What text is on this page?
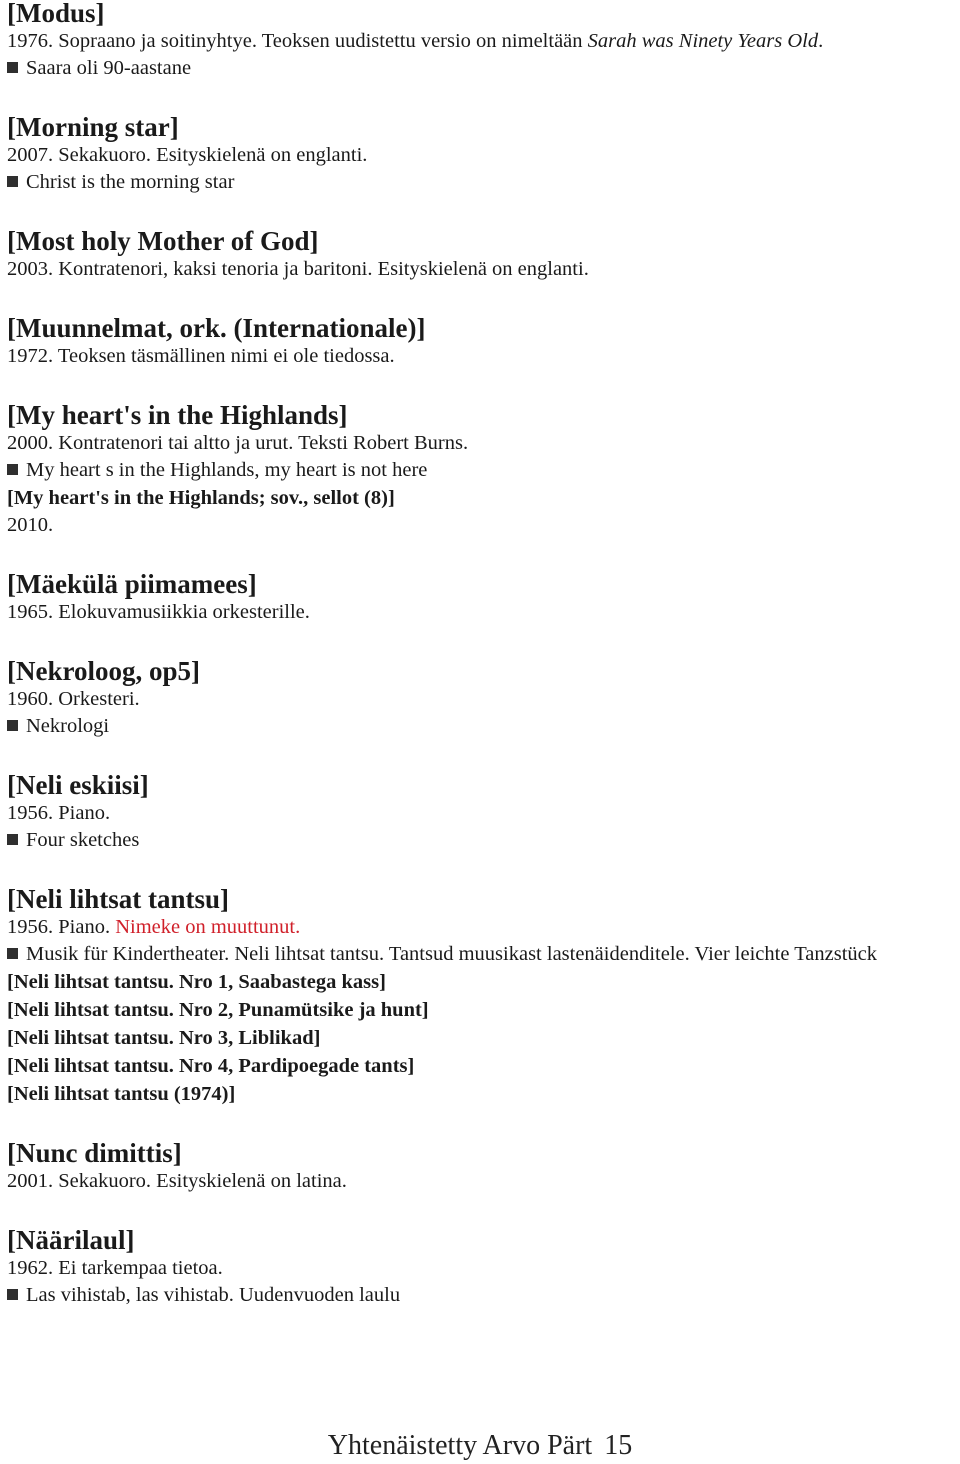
[Modus]

1976. Sopraano ja soitinyhtye. Teoksen uudistettu versio on nimeltään Sarah was Ninety Years Old.

Saara oli 90-aastane

[Morning star]

2007. Sekakuoro. Esityskielenä on englanti.

Christ is the morning star

[Most holy Mother of God]

2003. Kontratenori, kaksi tenoria ja baritoni. Esityskielenä on englanti.

[Muunnelmat, ork. (Internationale)]

1972. Teoksen täsmällinen nimi ei ole tiedossa.

[My heart's in the Highlands]

2000. Kontratenori tai altto ja urut. Teksti Robert Burns.

My heart s in the Highlands, my heart is not here

[My heart's in the Highlands; sov., sellot (8)]

2010.

[Mäekülä piimamees]

1965. Elokuvamusiikkia orkesterille.

[Nekroloog, op5]

1960. Orkesteri.

Nekrologi

[Neli eskiisi]

1956. Piano.

Four sketches

[Neli lihtsat tantsu]

1956. Piano. Nimeke on muuttunut.

Musik für Kindertheater. Neli lihtsat tantsu. Tantsud muusikast lastenäidenditele. Vier leichte Tanzstück

[Neli lihtsat tantsu. Nro 1, Saabastega kass]

[Neli lihtsat tantsu. Nro 2, Punamütsike ja hunt]

[Neli lihtsat tantsu. Nro 3, Liblikad]

[Neli lihtsat tantsu. Nro 4, Pardipoegade tants]

[Neli lihtsat tantsu (1974)]

[Nunc dimittis]

2001. Sekakuoro. Esityskielenä on latina.

[Näärilaul]

1962. Ei tarkempaa tietoa.

Las vihistab, las vihistab. Uudenvuoden laulu

Yhtenäistetty Arvo Pärt 15
